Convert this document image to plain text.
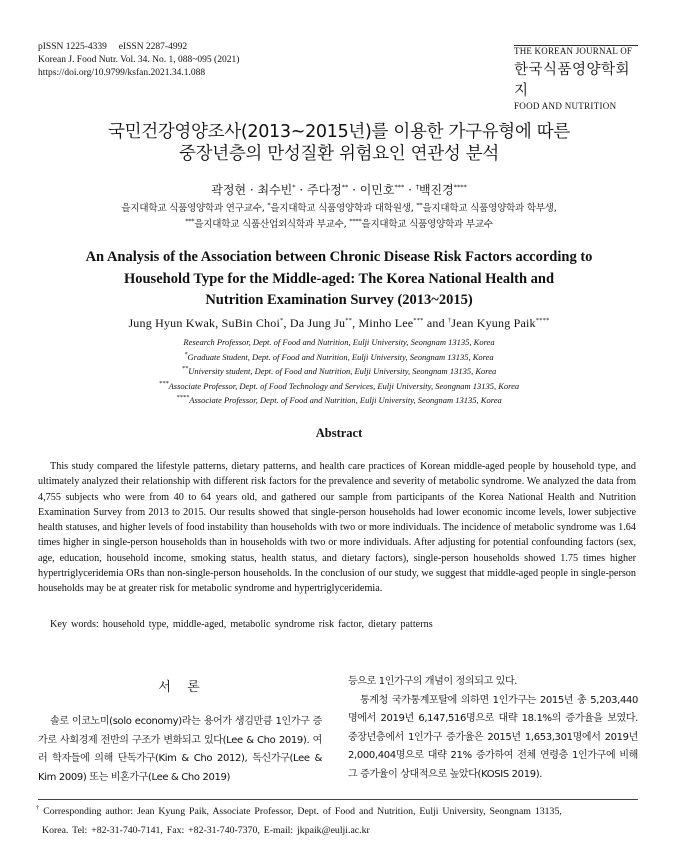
pISSN 1225-4339     eISSN 2287-4992
Korean J. Food Nutr. Vol. 34. No. 1, 088~095 (2021)
https://doi.org/10.9799/ksfan.2021.34.1.088
THE KOREAN JOURNAL OF
한국식품영양학회지
FOOD AND NUTRITION
국민건강영양조사(2013~2015년)를 이용한 가구유형에 따른
중장년층의 만성질환 위험요인 연관성 분석
곽정현 · 최수빈* · 주다정** · 이민호*** · †백진경****
을지대학교 식품영양학과 연구교수, *을지대학교 식품영양학과 대학원생, **을지대학교 식품영양학과 학부생,
***을지대학교 식품산업외식학과 부교수, ****을지대학교 식품영양학과 부교수
An Analysis of the Association between Chronic Disease Risk Factors according to
Household Type for the Middle-aged: The Korea National Health and
Nutrition Examination Survey (2013~2015)
Jung Hyun Kwak, SuBin Choi*, Da Jung Ju**, Minho Lee*** and †Jean Kyung Paik****
Research Professor, Dept. of Food and Nutrition, Eulji University, Seongnam 13135, Korea
*Graduate Student, Dept. of Food and Nutrition, Eulji University, Seongnam 13135, Korea
**University student, Dept. of Food and Nutrition, Eulji University, Seongnam 13135, Korea
***Associate Professor, Dept. of Food Technology and Services, Eulji University, Seongnam 13135, Korea
****Associate Professor, Dept. of Food and Nutrition, Eulji University, Seongnam 13135, Korea
Abstract
This study compared the lifestyle patterns, dietary patterns, and health care practices of Korean middle-aged people by household type, and ultimately analyzed their relationship with different risk factors for the prevalence and severity of metabolic syndrome. We analyzed the data from 4,755 subjects who were from 40 to 64 years old, and gathered our sample from participants of the Korea National Health and Nutrition Examination Survey from 2013 to 2015. Our results showed that single-person households had lower economic income levels, lower subjective health statuses, and higher levels of food instability than households with two or more individuals. The incidence of metabolic syndrome was 1.64 times higher in single-person households than in households with two or more individuals. After adjusting for potential confounding factors (sex, age, education, household income, smoking status, health status, and dietary factors), single-person households showed 1.75 times higher hypertriglyceridemia ORs than non-single-person households. In the conclusion of our study, we suggest that middle-aged people in single-person households may be at greater risk for metabolic syndrome and hypertriglyceridemia.
Key words: household type, middle-aged, metabolic syndrome risk factor, dietary patterns
서 론
솔로 이코노미(solo economy)라는 용어가 생김만큼 1인가구 증가로 사회경제 전반의 구조가 변화되고 있다(Lee & Cho 2019). 여러 학자들에 의해 단독가구(Kim & Cho 2012), 독신가구(Lee & Kim 2009) 또는 비혼가구(Lee & Cho 2019)

등으로 1인가구의 개념이 정의되고 있다.

통계청 국가통계포탈에 의하면 1인가구는 2015년 총 5,203,440명에서 2019년 6,147,516명으로 대략 18.1%의 증가율을 보였다. 중장년층에서 1인가구 증가율은 2015년 1,653,301명에서 2019년 2,000,404명으로 대략 21% 증가하여 전체 연령층 1인가구에 비해 그 증가율이 상대적으로 높았다(KOSIS 2019).

† Corresponding author: Jean Kyung Paik, Associate Professor, Dept. of Food and Nutrition, Eulji University, Seongnam 13135,
Korea. Tel: +82-31-740-7141, Fax: +82-31-740-7370, E-mail: jkpaik@eulji.ac.kr
